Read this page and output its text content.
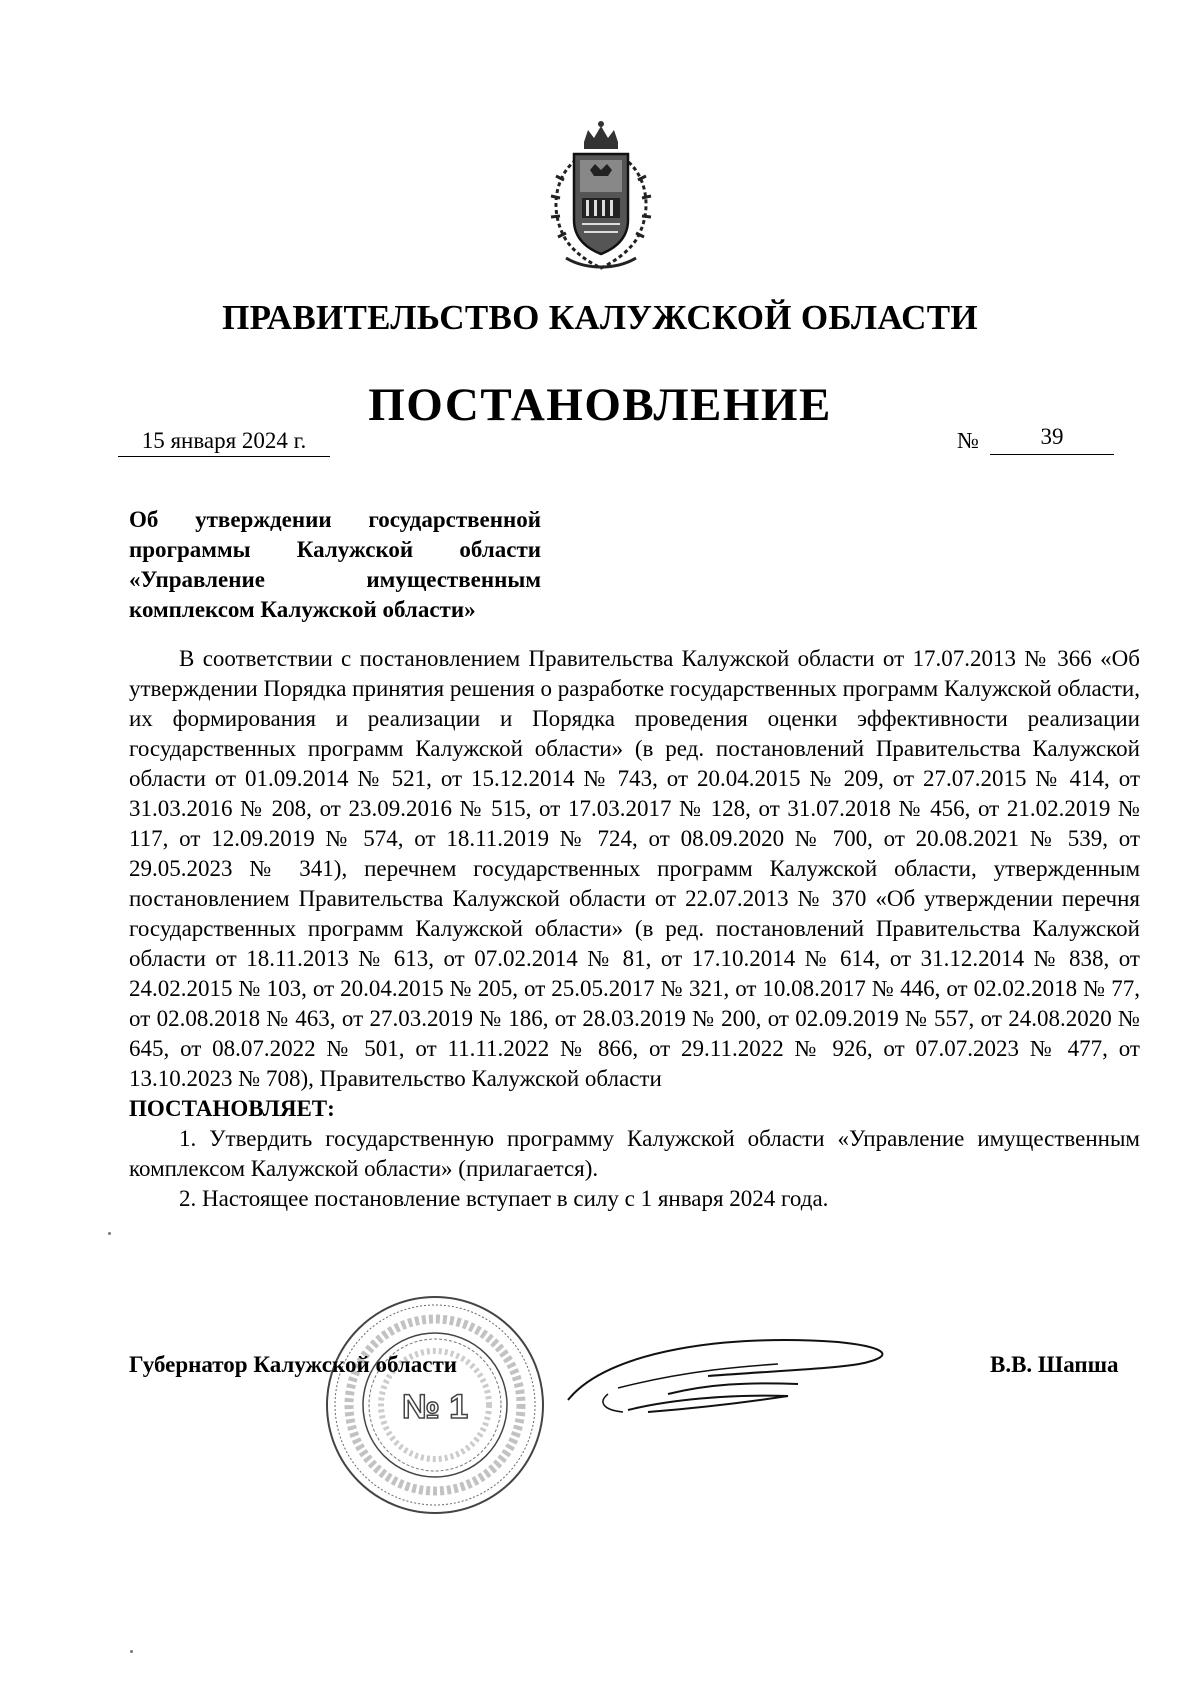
ПРАВИТЕЛЬСТВО КАЛУЖСКОЙ ОБЛАСТИ
ПОСТАНОВЛЕНИЕ
15 января 2024 г.	№	39
Об утверждении государственной программы Калужской области «Управление имущественным комплексом Калужской области»

В соответствии с постановлением Правительства Калужской области от 17.07.2013 № 366 «Об утверждении Порядка принятия решения о разработке государственных программ Калужской области, их формирования и реализации и Порядка проведения оценки эффективности реализации государственных программ Калужской области» (в ред. постановлений Правительства Калужской области от 01.09.2014 № 521, от 15.12.2014 № 743, от 20.04.2015 № 209, от 27.07.2015 № 414, от 31.03.2016 № 208, от 23.09.2016 № 515, от 17.03.2017 № 128, от 31.07.2018 № 456, от 21.02.2019 № 117, от 12.09.2019 № 574, от 18.11.2019 № 724, от 08.09.2020 № 700, от 20.08.2021 № 539, от 29.05.2023 № 341), перечнем государственных программ Калужской области, утвержденным постановлением Правительства Калужской области от 22.07.2013 № 370 «Об утверждении перечня государственных программ Калужской области» (в ред. постановлений Правительства Калужской области от 18.11.2013 № 613, от 07.02.2014 № 81, от 17.10.2014 № 614, от 31.12.2014 № 838, от 24.02.2015 № 103, от 20.04.2015 № 205, от 25.05.2017 № 321, от 10.08.2017 № 446, от 02.02.2018 № 77, от 02.08.2018 № 463, от 27.03.2019 № 186, от 28.03.2019 № 200, от 02.09.2019 № 557, от 24.08.2020 № 645, от 08.07.2022 № 501, от 11.11.2022 № 866, от 29.11.2022 № 926, от 07.07.2023 № 477, от 13.10.2023 № 708), Правительство Калужской области

ПОСТАНОВЛЯЕТ:

1. Утвердить государственную программу Калужской области «Управление имущественным комплексом Калужской области» (прилагается).

2. Настоящее постановление вступает в силу с 1 января 2024 года.

№ 1
Губернатор Калужской области	В.В. Шапша
